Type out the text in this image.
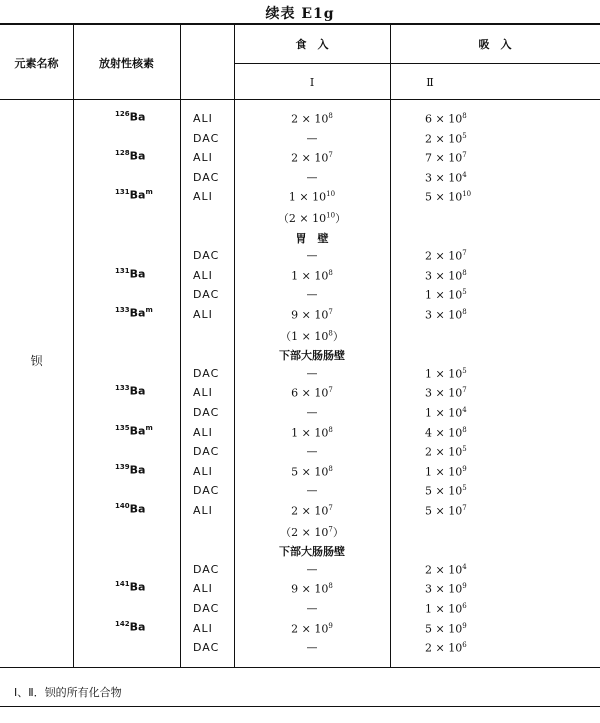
续表 E1g
元素名称	放射性核素
食　入	吸　入
Ⅰ	Ⅱ
钡
$^{126}$Ba	ALI	$2 \times 10^8$	$6 \times 10^8$
DAC	—	$2 \times 10^5$
$^{128}$Ba	ALI	$2 \times 10^7$	$7 \times 10^7$
DAC	—	$3 \times 10^4$
$^{131}$Ba$^m$	ALI	$1 \times 10^{10}$	$5 \times 10^{10}$
$(2 \times 10^{10})$
胃　壁
DAC	—	$2 \times 10^7$
$^{131}$Ba	ALI	$1 \times 10^8$	$3 \times 10^8$
DAC	—	$1 \times 10^5$
$^{133}$Ba$^m$	ALI	$9 \times 10^7$	$3 \times 10^8$
$(1 \times 10^8)$
下部大肠肠壁
DAC	—	$1 \times 10^5$
$^{133}$Ba	ALI	$6 \times 10^7$	$3 \times 10^7$
DAC	—	$1 \times 10^4$
$^{135}$Ba$^m$	ALI	$1 \times 10^8$	$4 \times 10^8$
DAC	—	$2 \times 10^5$
$^{139}$Ba	ALI	$5 \times 10^8$	$1 \times 10^9$
DAC	—	$5 \times 10^5$
$^{140}$Ba	ALI	$2 \times 10^7$	$5 \times 10^7$
$(2 \times 10^7)$
下部大肠肠壁
DAC	—	$2 \times 10^4$
$^{141}$Ba	ALI	$9 \times 10^8$	$3 \times 10^9$
DAC	—	$1 \times 10^6$
$^{142}$Ba	ALI	$2 \times 10^9$	$5 \times 10^9$
DAC	—	$2 \times 10^6$
Ⅰ、Ⅱ．钡的所有化合物
